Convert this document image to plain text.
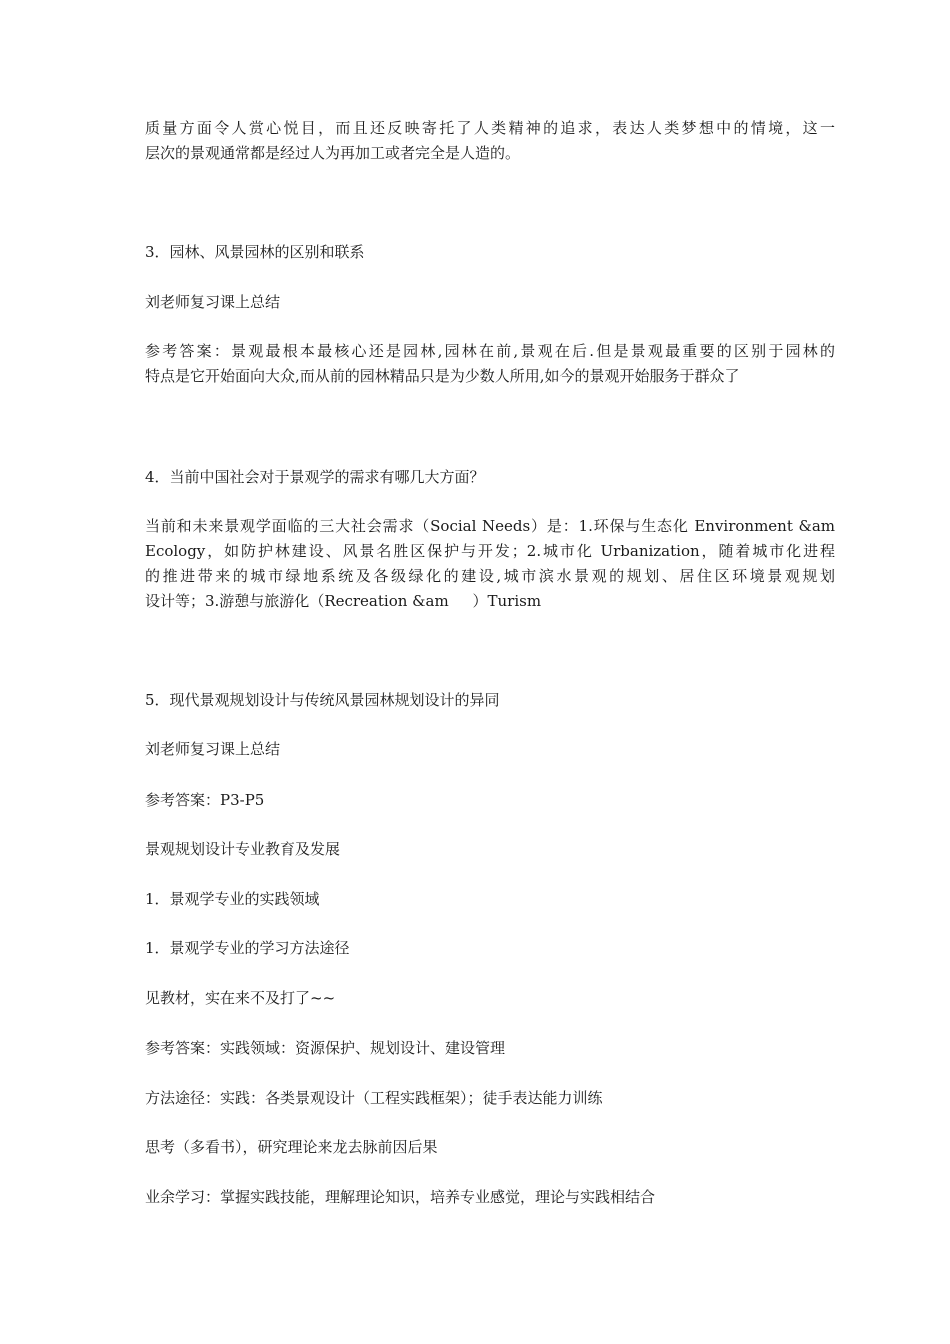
质量方面令人赏心悦目，而且还反映寄托了人类精神的追求，表达人类梦想中的情境，这一
层次的景观通常都是经过人为再加工或者完全是人造的。
3．园林、风景园林的区别和联系
刘老师复习课上总结
参考答案：景观最根本最核心还是园林,园林在前,景观在后.但是景观最重要的区别于园林的
特点是它开始面向大众,而从前的园林精品只是为少数人所用,如今的景观开始服务于群众了
4．当前中国社会对于景观学的需求有哪几大方面？
当前和未来景观学面临的三大社会需求（Social Needs）是：1.环保与生态化 Environment &am
Ecology，如防护林建设、风景名胜区保护与开发；2.城市化 Urbanization，随着城市化进程
的推进带来的城市绿地系统及各级绿化的建设,城市滨水景观的规划、居住区环境景观规划
设计等；3.游憩与旅游化（Recreation &am     ）Turism
5．现代景观规划设计与传统风景园林规划设计的异同
刘老师复习课上总结
参考答案：P3-P5
景观规划设计专业教育及发展
1．景观学专业的实践领域
1．景观学专业的学习方法途径
见教材，实在来不及打了~~
参考答案：实践领域：资源保护、规划设计、建设管理
方法途径：实践：各类景观设计（工程实践框架）；徒手表达能力训练
思考（多看书），研究理论来龙去脉前因后果
业余学习：掌握实践技能，理解理论知识，培养专业感觉，理论与实践相结合
